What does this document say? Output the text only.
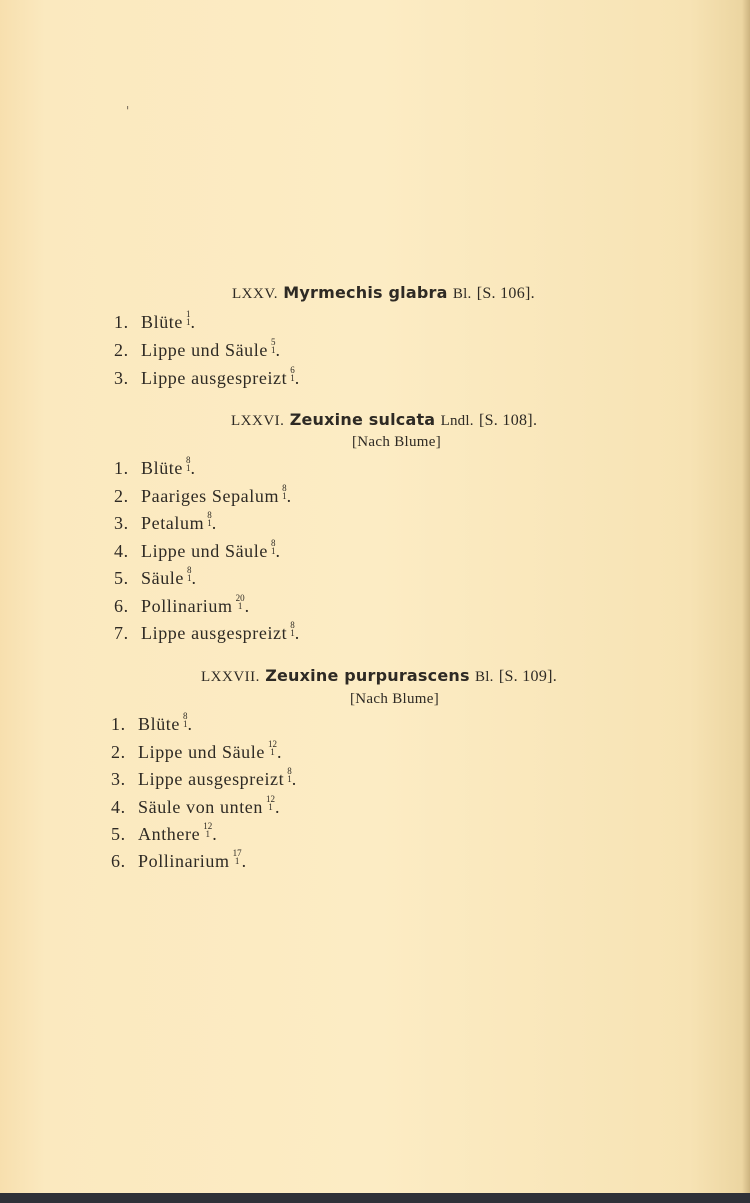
'
LXXV. Myrmechis glabra Bl. [S. 106].
1. Blüte 1
1 .
2. Lippe und Säule 5
1 .
3. Lippe ausgespreizt 6
1 .
LXXVI. Zeuxine sulcata Lndl. [S. 108].
[Nach Blume]
1. Blüte 8
1 .
2. Paariges Sepalum 8
1 .
3. Petalum 8
1 .
4. Lippe und Säule 8
1 .
5. Säule 8
1 .
6. Pollinarium 20
1 .
7. Lippe ausgespreizt 8
1 .
LXXVII. Zeuxine purpurascens Bl. [S. 109].
[Nach Blume]
1. Blüte 8
1 .
2. Lippe und Säule 12
1 .
3. Lippe ausgespreizt 8
1 .
4. Säule von unten 12
1 .
5. Anthere 12
1 .
6. Pollinarium 17
1 .
